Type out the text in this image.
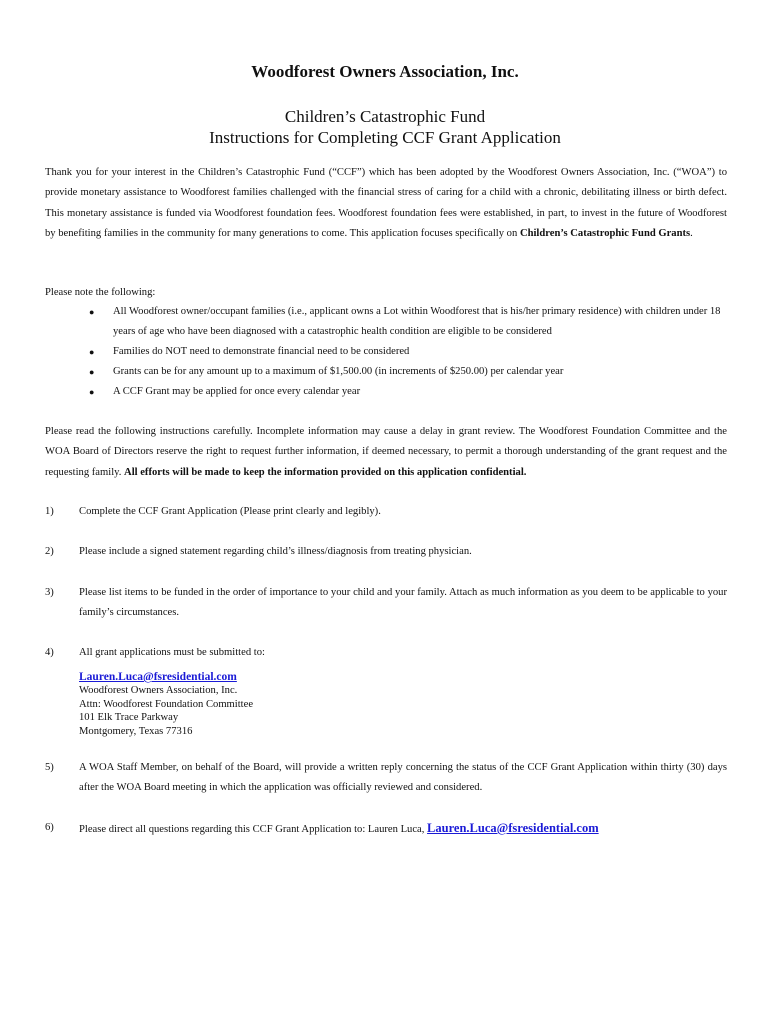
Woodforest Owners Association, Inc.
Children’s Catastrophic Fund
Instructions for Completing CCF Grant Application
Thank you for your interest in the Children’s Catastrophic Fund (“CCF”) which has been adopted by the Woodforest Owners Association, Inc. (“WOA”) to provide monetary assistance to Woodforest families challenged with the financial stress of caring for a child with a chronic, debilitating illness or birth defect. This monetary assistance is funded via Woodforest foundation fees. Woodforest foundation fees were established, in part, to invest in the future of Woodforest by benefiting families in the community for many generations to come. This application focuses specifically on Children’s Catastrophic Fund Grants.
Please note the following:
●	All Woodforest owner/occupant families (i.e., applicant owns a Lot within Woodforest that is his/her primary residence) with children under 18 years of age who have been diagnosed with a catastrophic health condition are eligible to be considered
●	Families do NOT need to demonstrate financial need to be considered
●	Grants can be for any amount up to a maximum of $1,500.00 (in increments of $250.00) per calendar year
●	A CCF Grant may be applied for once every calendar year
Please read the following instructions carefully. Incomplete information may cause a delay in grant review. The Woodforest Foundation Committee and the WOA Board of Directors reserve the right to request further information, if deemed necessary, to permit a thorough understanding of the grant request and the requesting family. All efforts will be made to keep the information provided on this application confidential.
1)	Complete the CCF Grant Application (Please print clearly and legibly).
2)	Please include a signed statement regarding child’s illness/diagnosis from treating physician.
3)	Please list items to be funded in the order of importance to your child and your family. Attach as much information as you deem to be applicable to your family’s circumstances.
4)	All grant applications must be submitted to:
Lauren.Luca@fsresidential.com
Woodforest Owners Association, Inc.
Attn: Woodforest Foundation Committee
101 Elk Trace Parkway
Montgomery, Texas 77316
5)	A WOA Staff Member, on behalf of the Board, will provide a written reply concerning the status of the CCF Grant Application within thirty (30) days after the WOA Board meeting in which the application was officially reviewed and considered.
6)	Please direct all questions regarding this CCF Grant Application to: Lauren Luca, Lauren.Luca@fsresidential.com
